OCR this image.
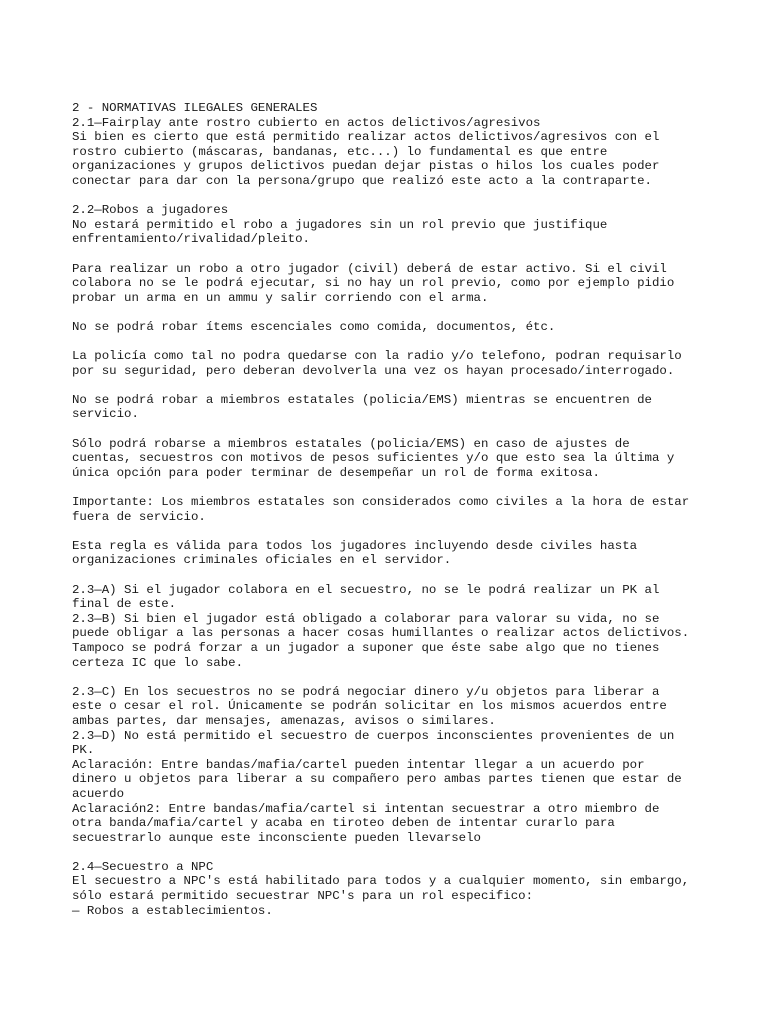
2 - NORMATIVAS ILEGALES GENERALES
2.1—Fairplay ante rostro cubierto en actos delictivos/agresivos
Si bien es cierto que está permitido realizar actos delictivos/agresivos con el
rostro cubierto (máscaras, bandanas, etc...) lo fundamental es que entre
organizaciones y grupos delictivos puedan dejar pistas o hilos los cuales poder
conectar para dar con la persona/grupo que realizó este acto a la contraparte.
2.2—Robos a jugadores
No estará permitido el robo a jugadores sin un rol previo que justifique
enfrentamiento/rivalidad/pleito.
Para realizar un robo a otro jugador (civil) deberá de estar activo. Si el civil
colabora no se le podrá ejecutar, si no hay un rol previo, como por ejemplo pidio
probar un arma en un ammu y salir corriendo con el arma.
No se podrá robar ítems escenciales como comida, documentos, étc.
La policía como tal no podra quedarse con la radio y/o telefono, podran requisarlo
por su seguridad, pero deberan devolverla una vez os hayan procesado/interrogado.
No se podrá robar a miembros estatales (policia/EMS) mientras se encuentren de
servicio.
Sólo podrá robarse a miembros estatales (policia/EMS) en caso de ajustes de
cuentas, secuestros con motivos de pesos suficientes y/o que esto sea la última y
única opción para poder terminar de desempeñar un rol de forma exitosa.
Importante: Los miembros estatales son considerados como civiles a la hora de estar
fuera de servicio.
Esta regla es válida para todos los jugadores incluyendo desde civiles hasta
organizaciones criminales oficiales en el servidor.
2.3—A) Si el jugador colabora en el secuestro, no se le podrá realizar un PK al
final de este.
2.3—B) Si bien el jugador está obligado a colaborar para valorar su vida, no se
puede obligar a las personas a hacer cosas humillantes o realizar actos delictivos.
Tampoco se podrá forzar a un jugador a suponer que éste sabe algo que no tienes
certeza IC que lo sabe.
2.3—C) En los secuestros no se podrá negociar dinero y/u objetos para liberar a
este o cesar el rol. Únicamente se podrán solicitar en los mismos acuerdos entre
ambas partes, dar mensajes, amenazas, avisos o similares.
2.3—D) No está permitido el secuestro de cuerpos inconscientes provenientes de un
PK.
Aclaración: Entre bandas/mafia/cartel pueden intentar llegar a un acuerdo por
dinero u objetos para liberar a su compañero pero ambas partes tienen que estar de
acuerdo
Aclaración2: Entre bandas/mafia/cartel si intentan secuestrar a otro miembro de
otra banda/mafia/cartel y acaba en tiroteo deben de intentar curarlo para
secuestrarlo aunque este inconsciente pueden llevarselo
2.4—Secuestro a NPC
El secuestro a NPC's está habilitado para todos y a cualquier momento, sin embargo,
sólo estará permitido secuestrar NPC's para un rol especifico:
— Robos a establecimientos.
